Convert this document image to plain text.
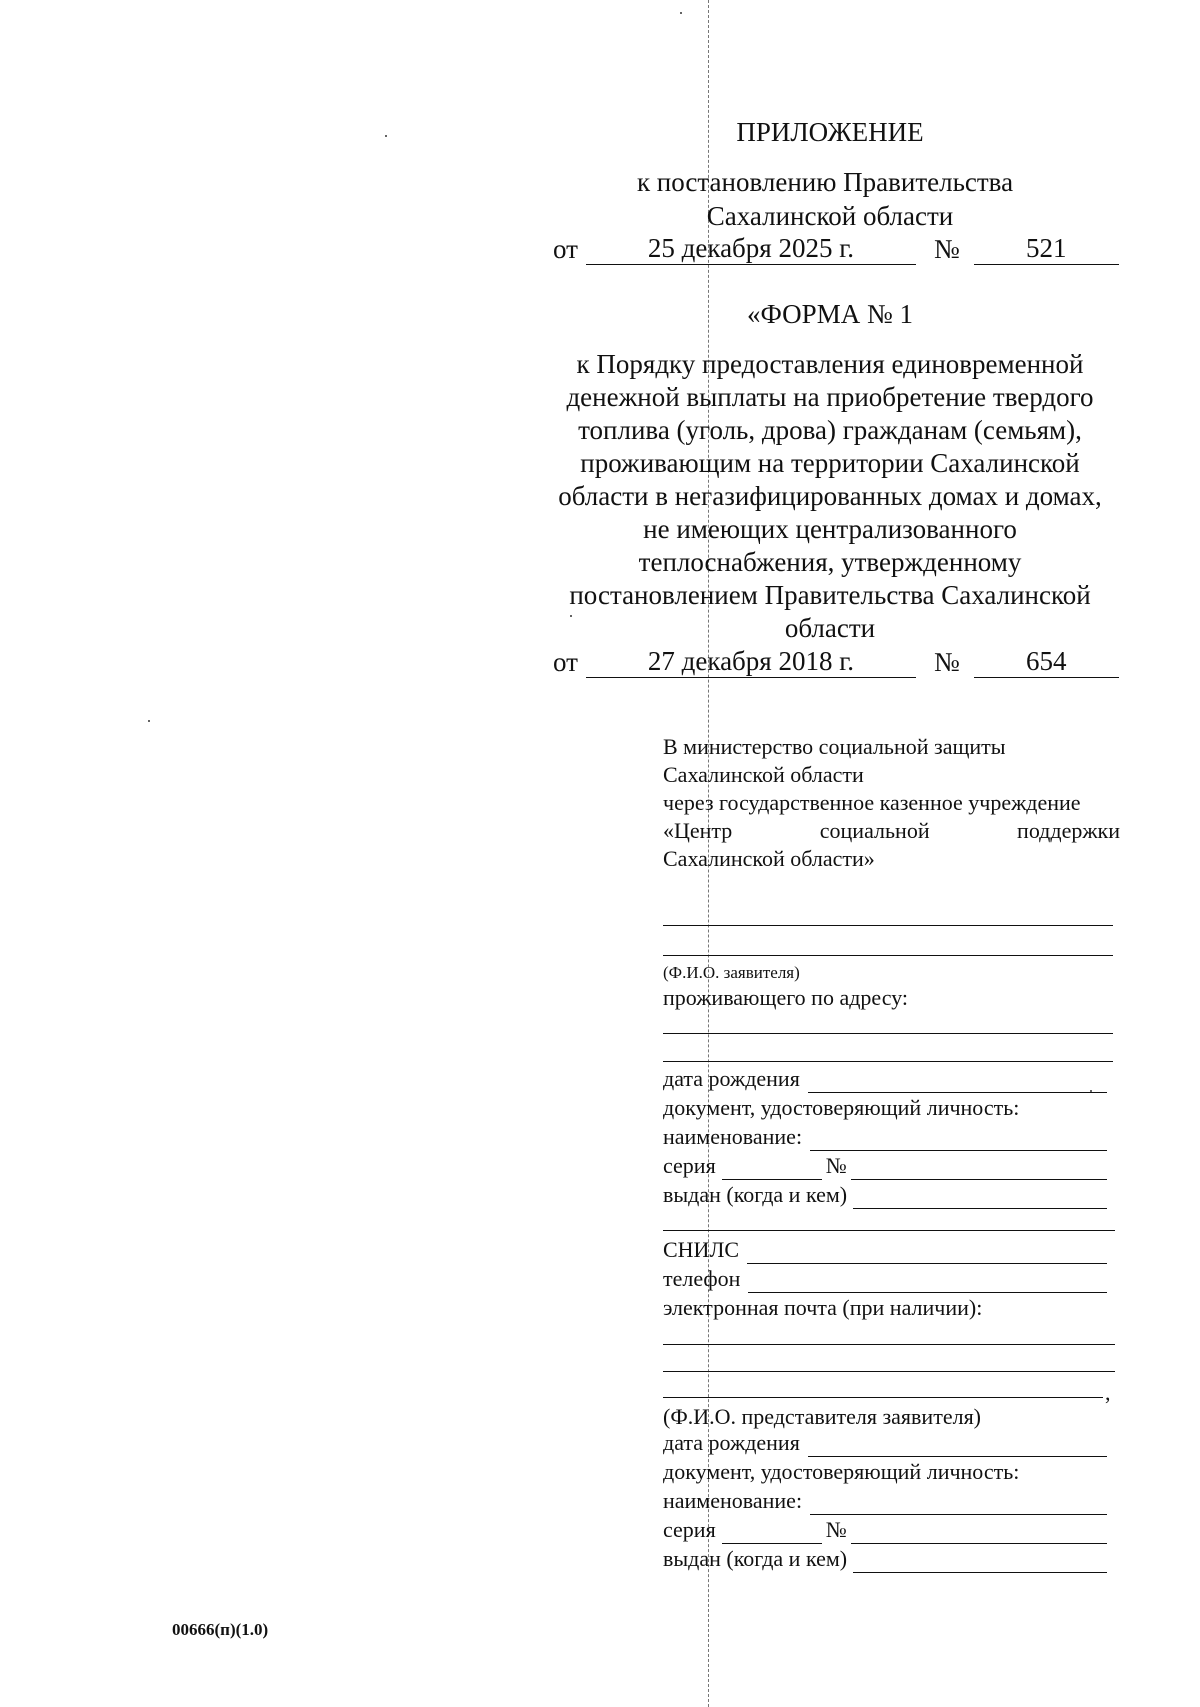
ПРИЛОЖЕНИЕ
к постановлению Правительства
Сахалинской области
от	25 декабря 2025 г.	№	521
«ФОРМА № 1
к Порядку предоставления единовременной
денежной выплаты на приобретение твердого
топлива (уголь, дрова) гражданам (семьям),
проживающим на территории Сахалинской
области в негазифицированных домах и домах,
не имеющих централизованного
теплоснабжения, утвержденному
постановлением Правительства Сахалинской
области
от	27 декабря 2018 г.	№	654
В министерство социальной защиты
Сахалинской области
через государственное казенное учреждение
«Центр	социальной	поддержки
Сахалинской области»
(Ф.И.О. заявителя)
проживающего по адресу:
дата рождения
документ, удостоверяющий личность:
наименование:
серия	№
выдан (когда и кем)
СНИЛС
телефон
электронная почта (при наличии):
,
(Ф.И.О. представителя заявителя)
дата рождения
документ, удостоверяющий личность:
наименование:
серия	№
выдан (когда и кем)
00666(п)(1.0)
